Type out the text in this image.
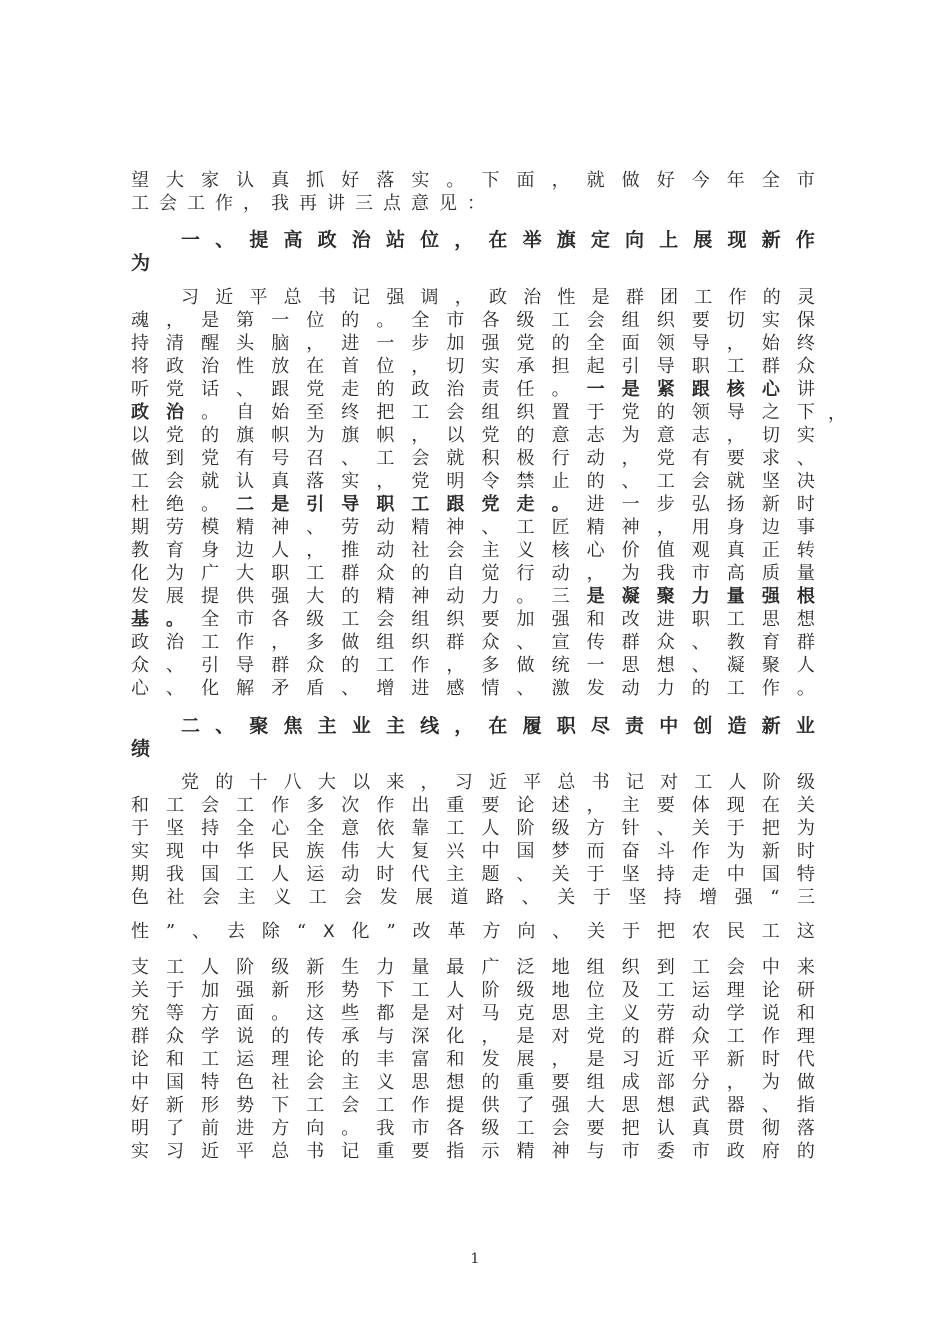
望 大 家 认 真 抓 好 落 实 。 下 面 ， 就 做 好 今 年 全 市
工 会 工 作 ， 我 再 讲 三 点 意 见 ：
一 、 提 高 政 治 站 位 ， 在 举 旗 定 向 上 展 现 新 作
为
习 近 平 总 书 记 强 调 ， 政 治 性 是 群 团 工 作 的 灵
魂 ， 是 第 一 位 的 。 全 市 各 级 工 会 组 织 要 切 实 保
持 清 醒 头 脑 ， 进 一 步 加 强 党 的 全 面 领 导 ， 始 终
将 政 治 性 放 在 首 位 ， 切 实 承 担 起 引 导 职 工 群 众
听 党 话 、 跟 党 走 的 政 治 责 任 。 一 是 紧 跟 核 心 讲
政 治 。 自 始 至 终 把 工 会 组 织 置 于 党 的 领 导 之 下
以 党 的 旗 帜 为 旗 帜 ， 以 党 的 意 志 为 意 志 ， 切 实
做 到 党 有 号 召 、 工 会 就 积 极 行 动 ， 党 有 要 求 、
工 会 就 认 真 落 实 ， 党 明 令 禁 止 的 、 工 会 就 坚 决
杜 绝 。 二 是 引 导 职 工 跟 党 走 。 进 一 步 弘 扬 新 时
期 劳 模 精 神 、 劳 动 精 神 、 工 匠 精 神 ， 用 身 边 事
教 育 身 边 人 ， 推 动 社 会 主 义 核 心 价 值 观 真 正 转
化 为 广 大 职 工 群 众 的 自 觉 行 动 ， 为 我 市 高 质 量
发 展 提 供 强 大 的 精 神 动 力 。 三 是 凝 聚 力 量 强 根
基 。 全 市 各 级 工 会 组 织 要 加 强 和 改 进 职 工 思 想
政 治 工 作 ， 多 做 组 织 群 众 、 宣 传 群 众 、 教 育 群
众 、 引 导 群 众 的 工 作 ， 多 做 统 一 思 想 、 凝 聚 人
心 、 化 解 矛 盾 、 增 进 感 情 、 激 发 动 力 的 工 作 。
二 、 聚 焦 主 业 主 线 ， 在 履 职 尽 责 中 创 造 新 业
绩
党 的 十 八 大 以 来 ， 习 近 平 总 书 记 对 工 人 阶 级
和 工 会 工 作 多 次 作 出 重 要 论 述 ， 主 要 体 现 在 关
于 坚 持 全 心 全 意 依 靠 工 人 阶 级 方 针 、 关 于 把 为
实 现 中 华 民 族 伟 大 复 兴 中 国 梦 而 奋 斗 作 为 新 时
期 我 国 工 人 运 动 时 代 主 题 、 关 于 坚 持 走 中 国 特
色 社 会 主 义 工 会 发 展 道 路 、 关 于 坚 持 增 强 “ 三
性 ” 、 去 除 “ X 化 ” 改 革 方 向 、 关 于 把 农 民 工 这
支 工 人 阶 级 新 生 力 量 最 广 泛 地 组 织 到 工 会 中 来
关 于 加 强 新 形 势 下 工 人 阶 级 地 位 及 工 运 理 论 研
究 等 方 面 。 这 些 都 是 对 马 克 思 主 义 劳 动 学 说 和
群 众 学 说 的 传 承 与 深 化 ， 是 对 党 的 群 众 工 作 理
论 和 工 运 理 论 的 丰 富 和 发 展 ， 是 习 近 平 新 时 代
中 国 特 色 社 会 主 义 思 想 的 重 要 组 成 部 分 ， 为 做
好 新 形 势 下 工 会 工 作 提 供 了 强 大 思 想 武 器 、 指
明 了 前 进 方 向 。 我 市 各 级 工 会 要 把 认 真 贯 彻 落
实 习 近 平 总 书 记 重 要 指 示 精 神 与 市 委 市 政 府 的
，
1
